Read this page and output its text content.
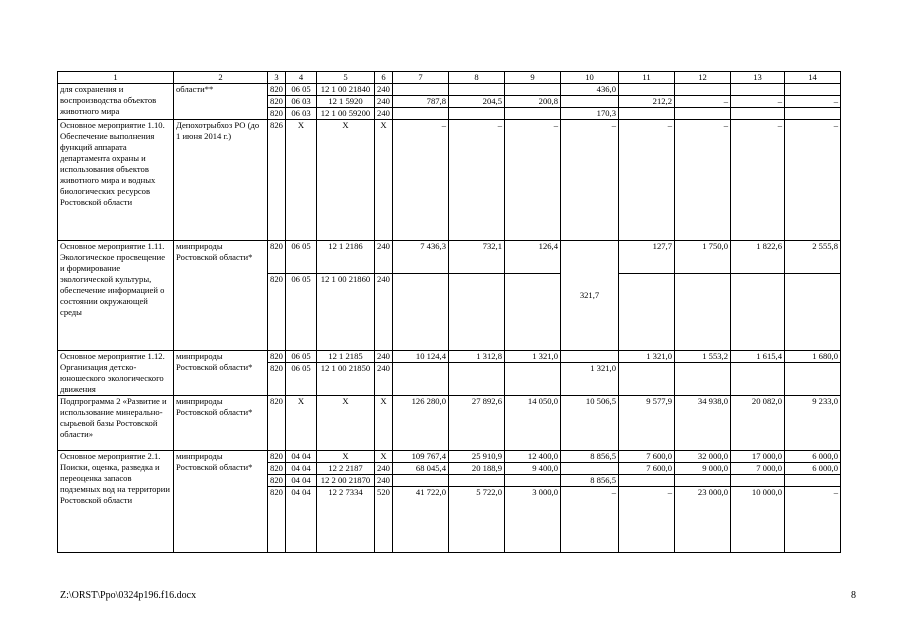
1	2	3	4	5	6	7	8	9	10	11	12	13	14
для сохранения и воспроизводства объектов животного мира	области**	820	06 05	12 1 00 21840	240				436,0				
		820	06 03	12 1 5920	240	787,8	204,5	200,8		212,2	–	–	–
		820	06 03	12 1 00 59200	240				170,3				
Основное мероприятие 1.10. Обеспечение выполнения функций аппарата департамента охраны и использования объектов животного мира и водных биологических ресурсов Ростовской области	Депохотрыбхоз РО (до 1 июня 2014 г.)	826	X	X	X	–	–	–	–	–	–	–	–
Основное мероприятие 1.11. Экологическое просвещение и формирование экологической культуры, обеспечение информацией о состоянии окружающей среды	минприроды Ростовской области*	820	06 05	12 1 2186	240	7 436,3	732,1	126,4	321,7	127,7	1 750,0	1 822,6	2 555,8
		820	06 05	12 1 00 21860	240								
Основное мероприятие 1.12. Организация детско-юношеского экологического движения	минприроды Ростовской области*	820	06 05	12 1 2185	240	10 124,4	1 312,8	1 321,0		1 321,0	1 553,2	1 615,4	1 680,0
		820	06 05	12 1 00 21850	240				1 321,0				
Подпрограмма 2 «Развитие и использование минерально-сырьевой базы Ростовской области»	минприроды Ростовской области*	820	X	X	X	126 280,0	27 892,6	14 050,0	10 506,5	9 577,9	34 938,0	20 082,0	9 233,0
Основное мероприятие 2.1. Поиски, оценка, разведка и переоценка запасов подземных вод на территории Ростовской области	минприроды Ростовской области*	820	04 04	X	X	109 767,4	25 910,9	12 400,0	8 856,5	7 600,0	32 000,0	17 000,0	6 000,0
		820	04 04	12 2 2187	240	68 045,4	20 188,9	9 400,0		7 600,0	9 000,0	7 000,0	6 000,0
		820	04 04	12 2 00 21870	240				8 856,5				
		820	04 04	12 2 7334	520	41 722,0	5 722,0	3 000,0	–	–	23 000,0	10 000,0	–
Z:\ORST\Ppo\0324p196.f16.docx	8
